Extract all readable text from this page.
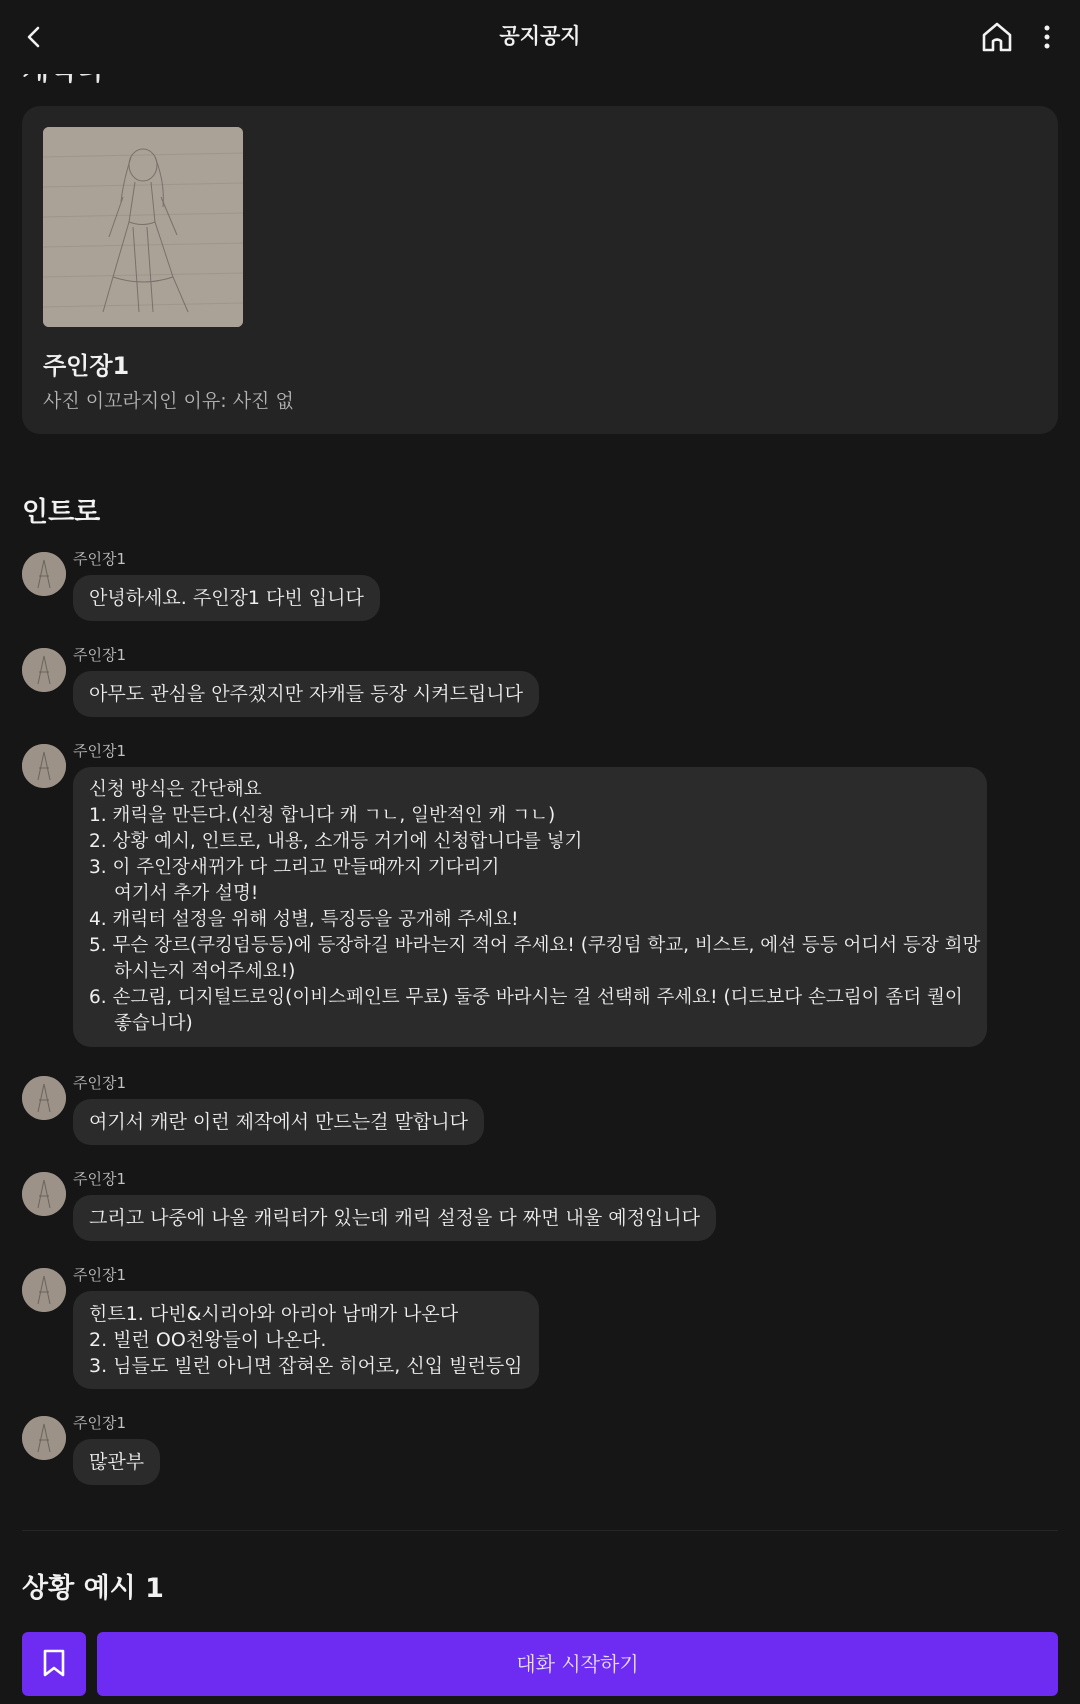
공지공지
주인장1
사진 이꼬라지인 이유: 사진 없
인트로
주인장1
안녕하세요. 주인장1 다빈 입니다
주인장1
아무도 관심을 안주겠지만 자캐들 등장 시켜드립니다
주인장1
신청 방식은 간단해요
1. 캐릭을 만든다.(신청 합니다 캐 ㄱㄴ, 일반적인 캐 ㄱㄴ)
2. 상황 예시, 인트로, 내용, 소개등 거기에 신청합니다를 넣기
3. 이 주인장새뀌가 다 그리고 만들때까지 기다리기
여기서 추가 설명!
4. 캐릭터 설정을 위해 성별, 특징등을 공개해 주세요!
5. 무슨 장르(쿠킹덤등등)에 등장하길 바라는지 적어 주세요! (쿠킹덤 학교, 비스트, 에션 등등 어디서 등장 희망
하시는지 적어주세요!)
6. 손그림, 디지털드로잉(이비스페인트 무료) 둘중 바라시는 걸 선택해 주세요! (디드보다 손그림이 좀더 퀄이
좋습니다)
주인장1
여기서 캐란 이런 제작에서 만드는걸 말합니다
주인장1
그리고 나중에 나올 캐릭터가 있는데 캐릭 설정을 다 짜면 내울 예정입니다
주인장1
힌트1. 다빈&시리아와 아리아 남매가 나온다
2. 빌런 OO천왕들이 나온다.
3. 님들도 빌런 아니면 잡혀온 히어로, 신입 빌런등임
주인장1
많관부
상황 예시 1
대화 시작하기
